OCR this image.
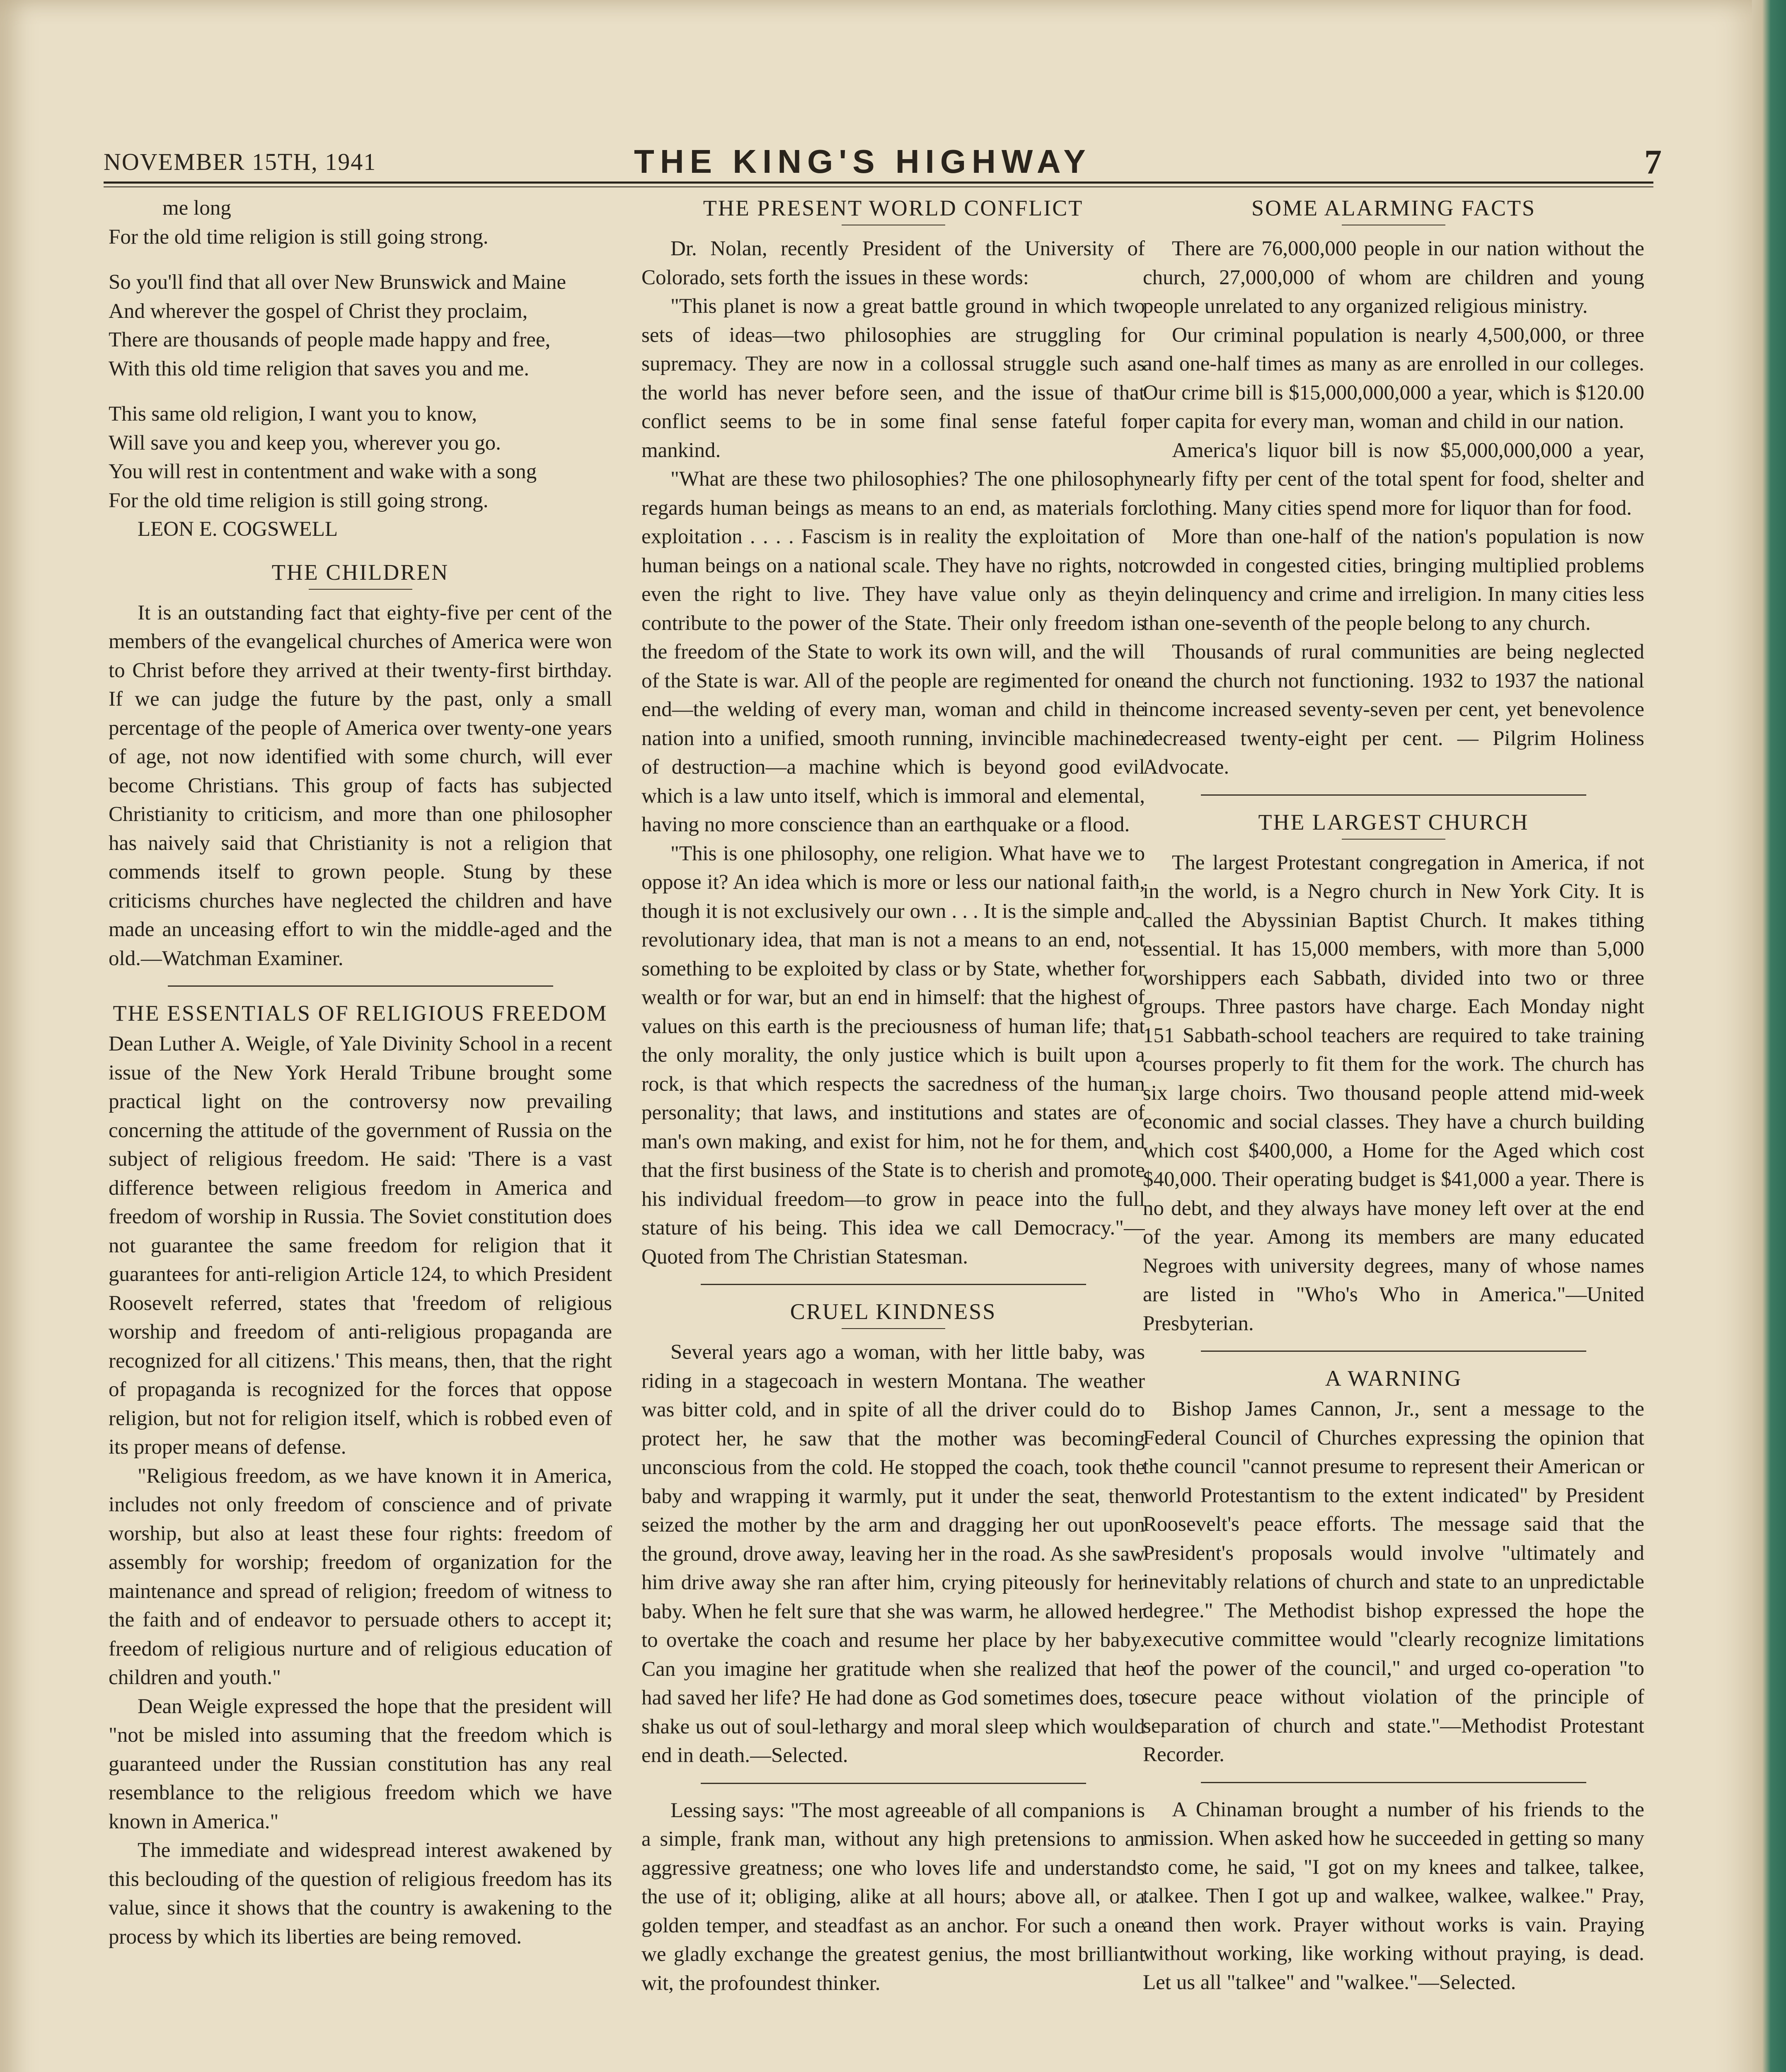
NOVEMBER 15TH, 1941	THE KING'S HIGHWAY	7

me long

For the old time religion is still going strong.

So you'll find that all over New Brunswick and Maine

And wherever the gospel of Christ they proclaim,

There are thousands of people made happy and free,

With this old time religion that saves you and me.

This same old religion, I want you to know,

Will save you and keep you, wherever you go.

You will rest in contentment and wake with a song

For the old time religion is still going strong.

LEON E. COGSWELL

THE CHILDREN

It is an outstanding fact that eighty-five per cent of the members of the evangelical churches of America were won to Christ before they arrived at their twenty-first birthday. If we can judge the future by the past, only a small percentage of the people of America over twenty-one years of age, not now identified with some church, will ever become Christians. This group of facts has subjected Christianity to criticism, and more than one philosopher has naively said that Christianity is not a religion that commends itself to grown people. Stung by these criticisms churches have neglected the children and have made an unceasing effort to win the middle-aged and the old.—Watchman Examiner.

THE ESSENTIALS OF RELIGIOUS FREEDOM

Dean Luther A. Weigle, of Yale Divinity School in a recent issue of the New York Herald Tribune brought some practical light on the controversy now prevailing concerning the attitude of the government of Russia on the subject of religious freedom. He said: 'There is a vast difference between religious freedom in America and freedom of worship in Russia. The Soviet constitution does not guarantee the same freedom for religion that it guarantees for anti-religion Article 124, to which President Roosevelt referred, states that 'freedom of religious worship and freedom of anti-religious propaganda are recognized for all citizens.' This means, then, that the right of propaganda is recognized for the forces that oppose religion, but not for religion itself, which is robbed even of its proper means of defense.

"Religious freedom, as we have known it in America, includes not only freedom of conscience and of private worship, but also at least these four rights: freedom of assembly for worship; freedom of organization for the maintenance and spread of religion; freedom of witness to the faith and of endeavor to persuade others to accept it; freedom of religious nurture and of religious education of children and youth."

Dean Weigle expressed the hope that the president will "not be misled into assuming that the freedom which is guaranteed under the Russian constitution has any real resemblance to the religious freedom which we have known in America."

The immediate and widespread interest awakened by this beclouding of the question of religious freedom has its value, since it shows that the country is awakening to the process by which its liberties are being removed.

THE PRESENT WORLD CONFLICT

Dr. Nolan, recently President of the University of Colorado, sets forth the issues in these words:

"This planet is now a great battle ground in which two sets of ideas—two philosophies are struggling for supremacy. They are now in a collossal struggle such as the world has never before seen, and the issue of that conflict seems to be in some final sense fateful for mankind.

"What are these two philosophies? The one philosophy regards human beings as means to an end, as materials for exploitation . . . . Fascism is in reality the exploitation of human beings on a national scale. They have no rights, not even the right to live. They have value only as they contribute to the power of the State. Their only freedom is the freedom of the State to work its own will, and the will of the State is war. All of the people are regimented for one end—the welding of every man, woman and child in the nation into a unified, smooth running, invincible machine of destruction—a machine which is beyond good evil which is a law unto itself, which is immoral and elemental, having no more conscience than an earthquake or a flood.

"This is one philosophy, one religion. What have we to oppose it? An idea which is more or less our national faith, though it is not exclusively our own . . . It is the simple and revolutionary idea, that man is not a means to an end, not something to be exploited by class or by State, whether for wealth or for war, but an end in himself: that the highest of values on this earth is the preciousness of human life; that the only morality, the only justice which is built upon a rock, is that which respects the sacredness of the human personality; that laws, and institutions and states are of man's own making, and exist for him, not he for them, and that the first business of the State is to cherish and promote his individual freedom—to grow in peace into the full stature of his being. This idea we call Democracy."—Quoted from The Christian Statesman.

CRUEL KINDNESS

Several years ago a woman, with her little baby, was riding in a stagecoach in western Montana. The weather was bitter cold, and in spite of all the driver could do to protect her, he saw that the mother was becoming unconscious from the cold. He stopped the coach, took the baby and wrapping it warmly, put it under the seat, then seized the mother by the arm and dragging her out upon the ground, drove away, leaving her in the road. As she saw him drive away she ran after him, crying piteously for her baby. When he felt sure that she was warm, he allowed her to overtake the coach and resume her place by her baby. Can you imagine her gratitude when she realized that he had saved her life? He had done as God sometimes does, to shake us out of soul-lethargy and moral sleep which would end in death.—Selected.

Lessing says: "The most agreeable of all companions is a simple, frank man, without any high pretensions to an aggressive greatness; one who loves life and understands the use of it; obliging, alike at all hours; above all, or a golden temper, and steadfast as an anchor. For such a one we gladly exchange the greatest genius, the most brilliant wit, the profoundest thinker.

SOME ALARMING FACTS

There are 76,000,000 people in our nation without the church, 27,000,000 of whom are children and young people unrelated to any organized religious ministry.

Our criminal population is nearly 4,500,000, or three and one-half times as many as are enrolled in our colleges. Our crime bill is $15,000,000,000 a year, which is $120.00 per capita for every man, woman and child in our nation.

America's liquor bill is now $5,000,000,000 a year, nearly fifty per cent of the total spent for food, shelter and clothing. Many cities spend more for liquor than for food.

More than one-half of the nation's population is now crowded in congested cities, bringing multiplied problems in delinquency and crime and irreligion. In many cities less than one-seventh of the people belong to any church.

Thousands of rural communities are being neglected and the church not functioning. 1932 to 1937 the national income increased seventy-seven per cent, yet benevolence decreased twenty-eight per cent. — Pilgrim Holiness Advocate.

THE LARGEST CHURCH

The largest Protestant congregation in America, if not in the world, is a Negro church in New York City. It is called the Abyssinian Baptist Church. It makes tithing essential. It has 15,000 members, with more than 5,000 worshippers each Sabbath, divided into two or three groups. Three pastors have charge. Each Monday night 151 Sabbath-school teachers are required to take training courses properly to fit them for the work. The church has six large choirs. Two thousand people attend mid-week economic and social classes. They have a church building which cost $400,000, a Home for the Aged which cost $40,000. Their operating budget is $41,000 a year. There is no debt, and they always have money left over at the end of the year. Among its members are many educated Negroes with university degrees, many of whose names are listed in "Who's Who in America."—United Presbyterian.

A WARNING

Bishop James Cannon, Jr., sent a message to the Federal Council of Churches expressing the opinion that the council "cannot presume to represent their American or world Protestantism to the extent indicated" by President Roosevelt's peace efforts. The message said that the President's proposals would involve "ultimately and inevitably relations of church and state to an unpredictable degree." The Methodist bishop expressed the hope the executive committee would "clearly recognize limitations of the power of the council," and urged co-operation "to secure peace without violation of the principle of separation of church and state."—Methodist Protestant Recorder.

A Chinaman brought a number of his friends to the mission. When asked how he succeeded in getting so many to come, he said, "I got on my knees and talkee, talkee, talkee. Then I got up and walkee, walkee, walkee." Pray, and then work. Prayer without works is vain. Praying without working, like working without praying, is dead. Let us all "talkee" and "walkee."—Selected.
